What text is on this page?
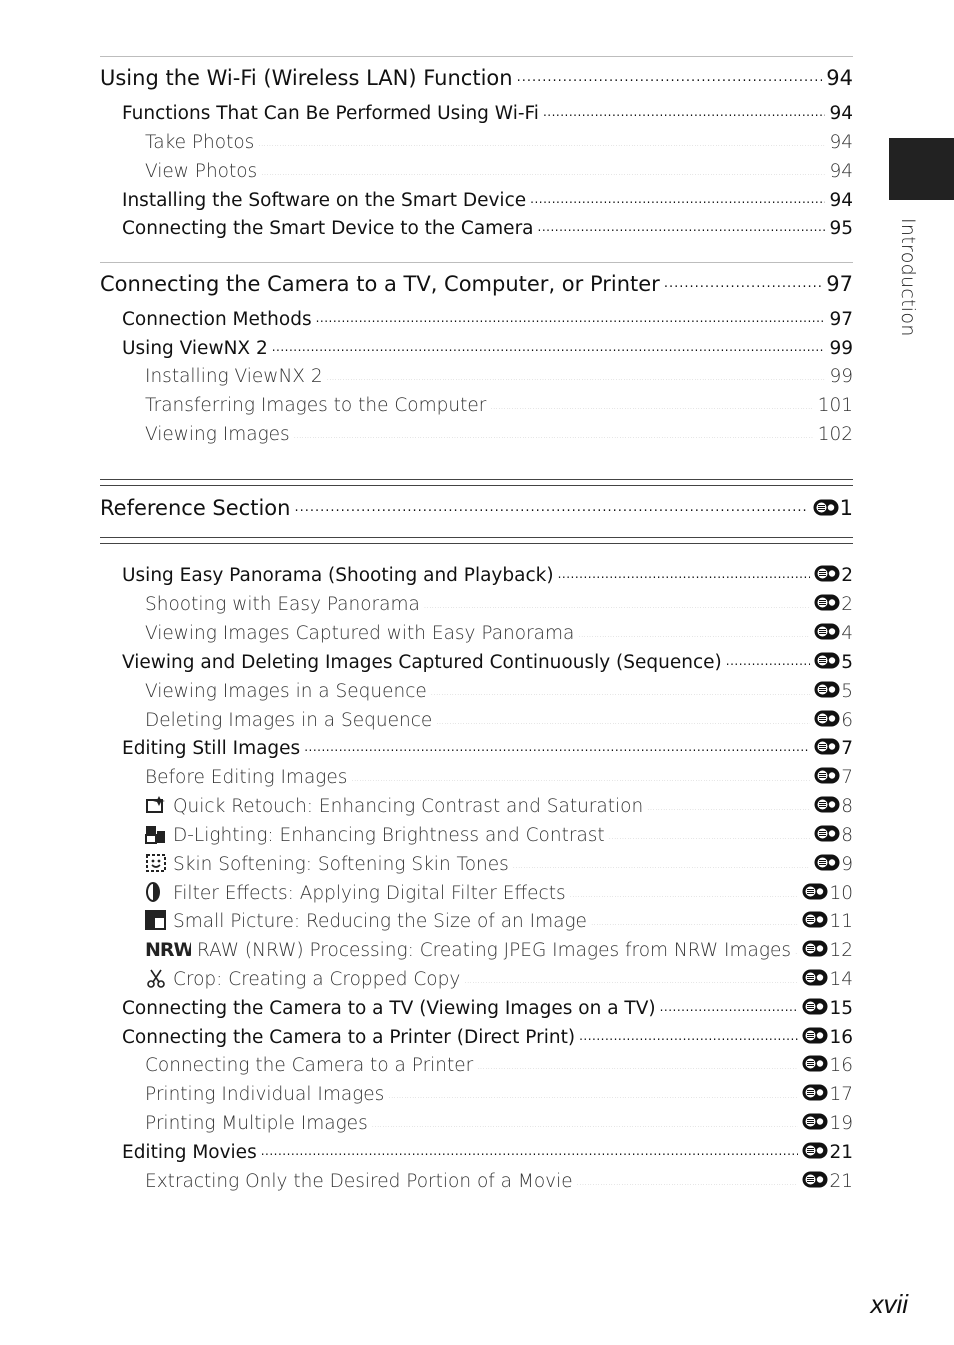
Using the Wi-Fi (Wireless LAN) Function .....	94
Functions That Can Be Performed Using Wi-Fi .....	94
Take Photos .....	94
View Photos .....	94
Installing the Software on the Smart Device .....	94
Connecting the Smart Device to the Camera .....	95
Connecting the Camera to a TV, Computer, or Printer .....	97
Connection Methods .....	97
Using ViewNX 2 .....	99
Installing ViewNX 2 .....	99
Transferring Images to the Computer .....	101
Viewing Images .....	102
Reference Section .....	1
Using Easy Panorama (Shooting and Playback) .....	2
Shooting with Easy Panorama .....	2
Viewing Images Captured with Easy Panorama .....	4
Viewing and Deleting Images Captured Continuously (Sequence) .....	5
Viewing Images in a Sequence .....	5
Deleting Images in a Sequence .....	6
Editing Still Images .....	7
Before Editing Images .....	7
Quick Retouch: Enhancing Contrast and Saturation .....	8
D-Lighting: Enhancing Brightness and Contrast .....	8
Skin Softening: Softening Skin Tones .....	9
Filter Effects: Applying Digital Filter Effects .....	10
Small Picture: Reducing the Size of an Image .....	11
NRW RAW (NRW) Processing: Creating JPEG Images from NRW Images .....	12
Crop: Creating a Cropped Copy .....	14
Connecting the Camera to a TV (Viewing Images on a TV) .....	15
Connecting the Camera to a Printer (Direct Print) .....	16
Connecting the Camera to a Printer .....	16
Printing Individual Images .....	17
Printing Multiple Images .....	19
Editing Movies .....	21
Extracting Only the Desired Portion of a Movie .....	21
Introduction
xvii
